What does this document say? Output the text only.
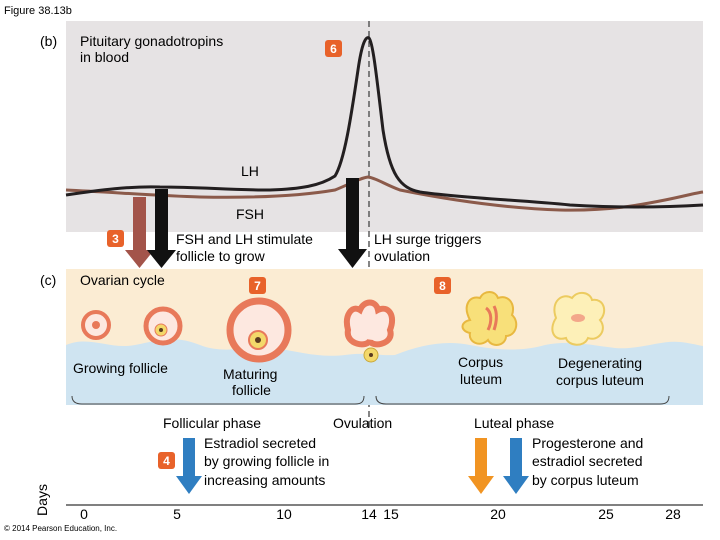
Figure 38.13b
(b) Pituitary gonadotropins
in blood	6
LH
FSH
3	FSH and LH stimulate
follicle to grow
LH surge triggers
ovulation
(c) Ovarian cycle	7	8
Growing follicle	Maturing
follicle
Corpus
luteum
Degenerating
corpus luteum
Follicular phase	Ovulation	Luteal phase
4
Estradiol secreted
by growing follicle in
increasing amounts
Progesterone and
estradiol secreted
by corpus luteum
Days 0	5	10	14 15	20	25	28
© 2014 Pearson Education, Inc.
